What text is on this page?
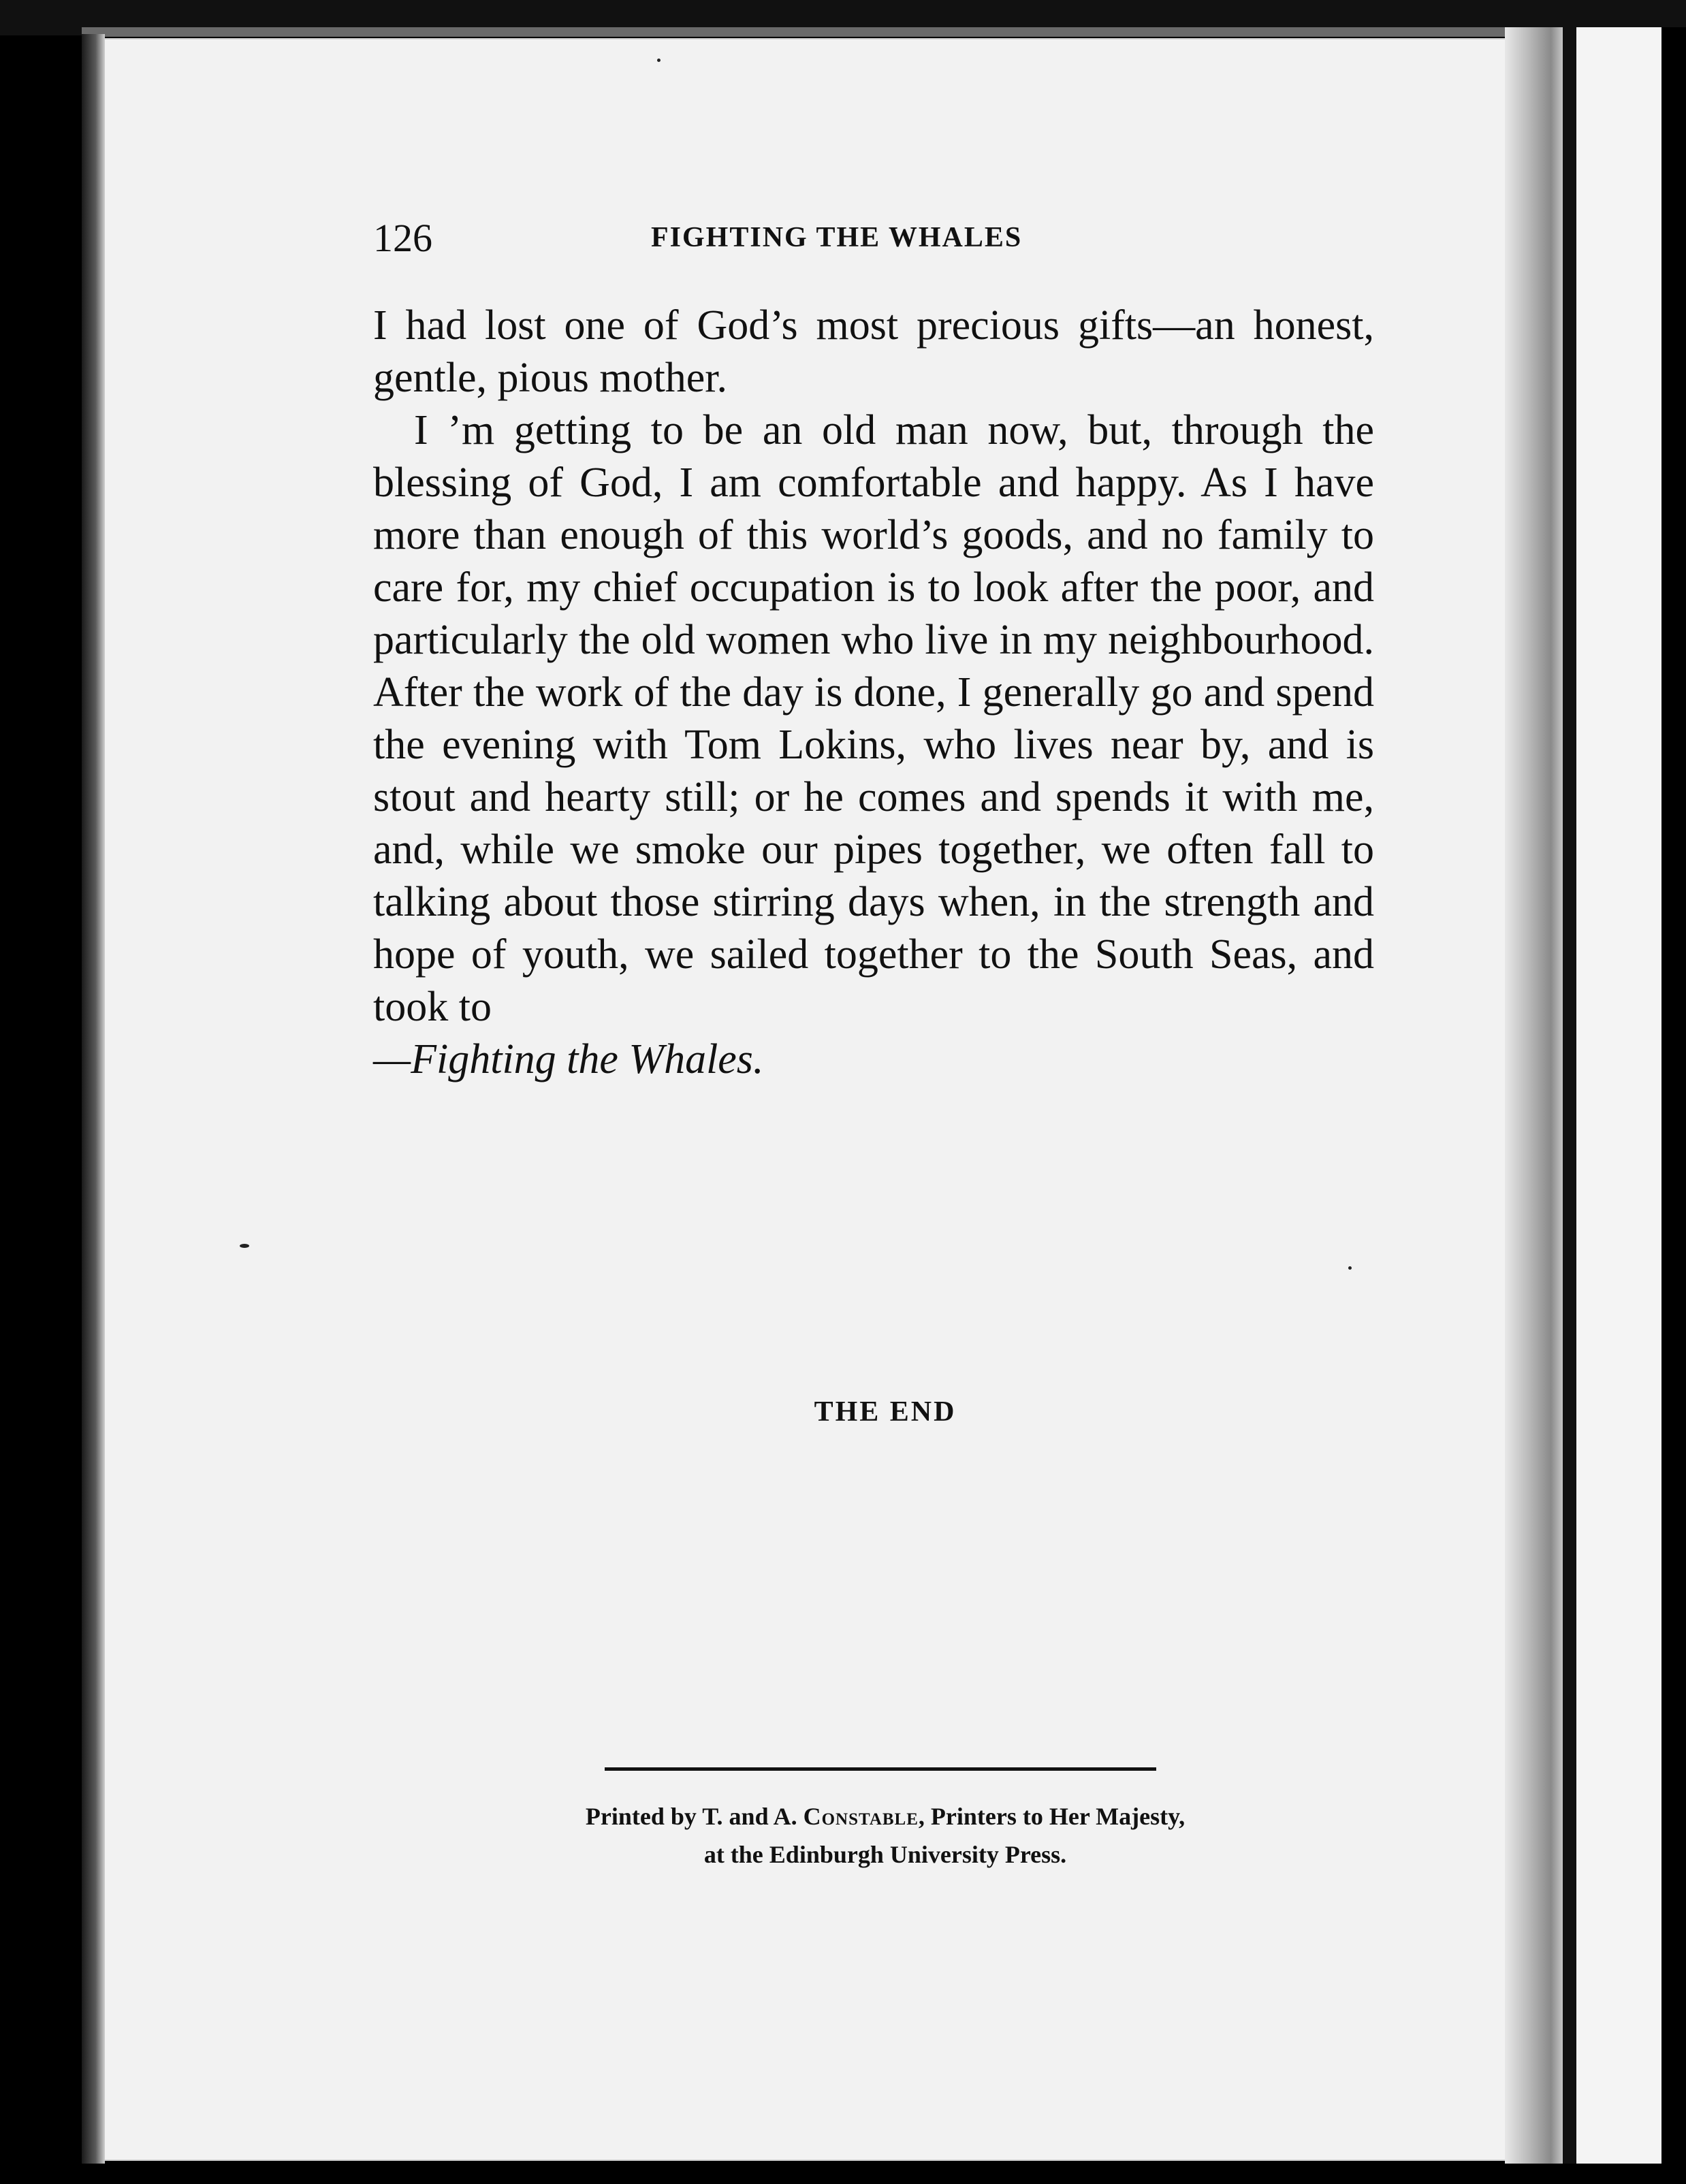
126	FIGHTING THE WHALES

I had lost one of God’s most precious gifts—an honest, gentle, pious mother.

I ’m getting to be an old man now, but, through the blessing of God, I am comfortable and happy. As I have more than enough of this world’s goods, and no family to care for, my chief occupation is to look after the poor, and particularly the old women who live in my neighbourhood. After the work of the day is done, I generally go and spend the evening with Tom Lokins, who lives near by, and is stout and hearty still; or he comes and spends it with me, and, while we smoke our pipes together, we often fall to talking about those stirring days when, in the strength and hope of youth, we sailed together to the South Seas, and took to
—Fighting the Whales.

THE END
Printed by T. and A. Constable, Printers to Her Majesty,
at the Edinburgh University Press.
